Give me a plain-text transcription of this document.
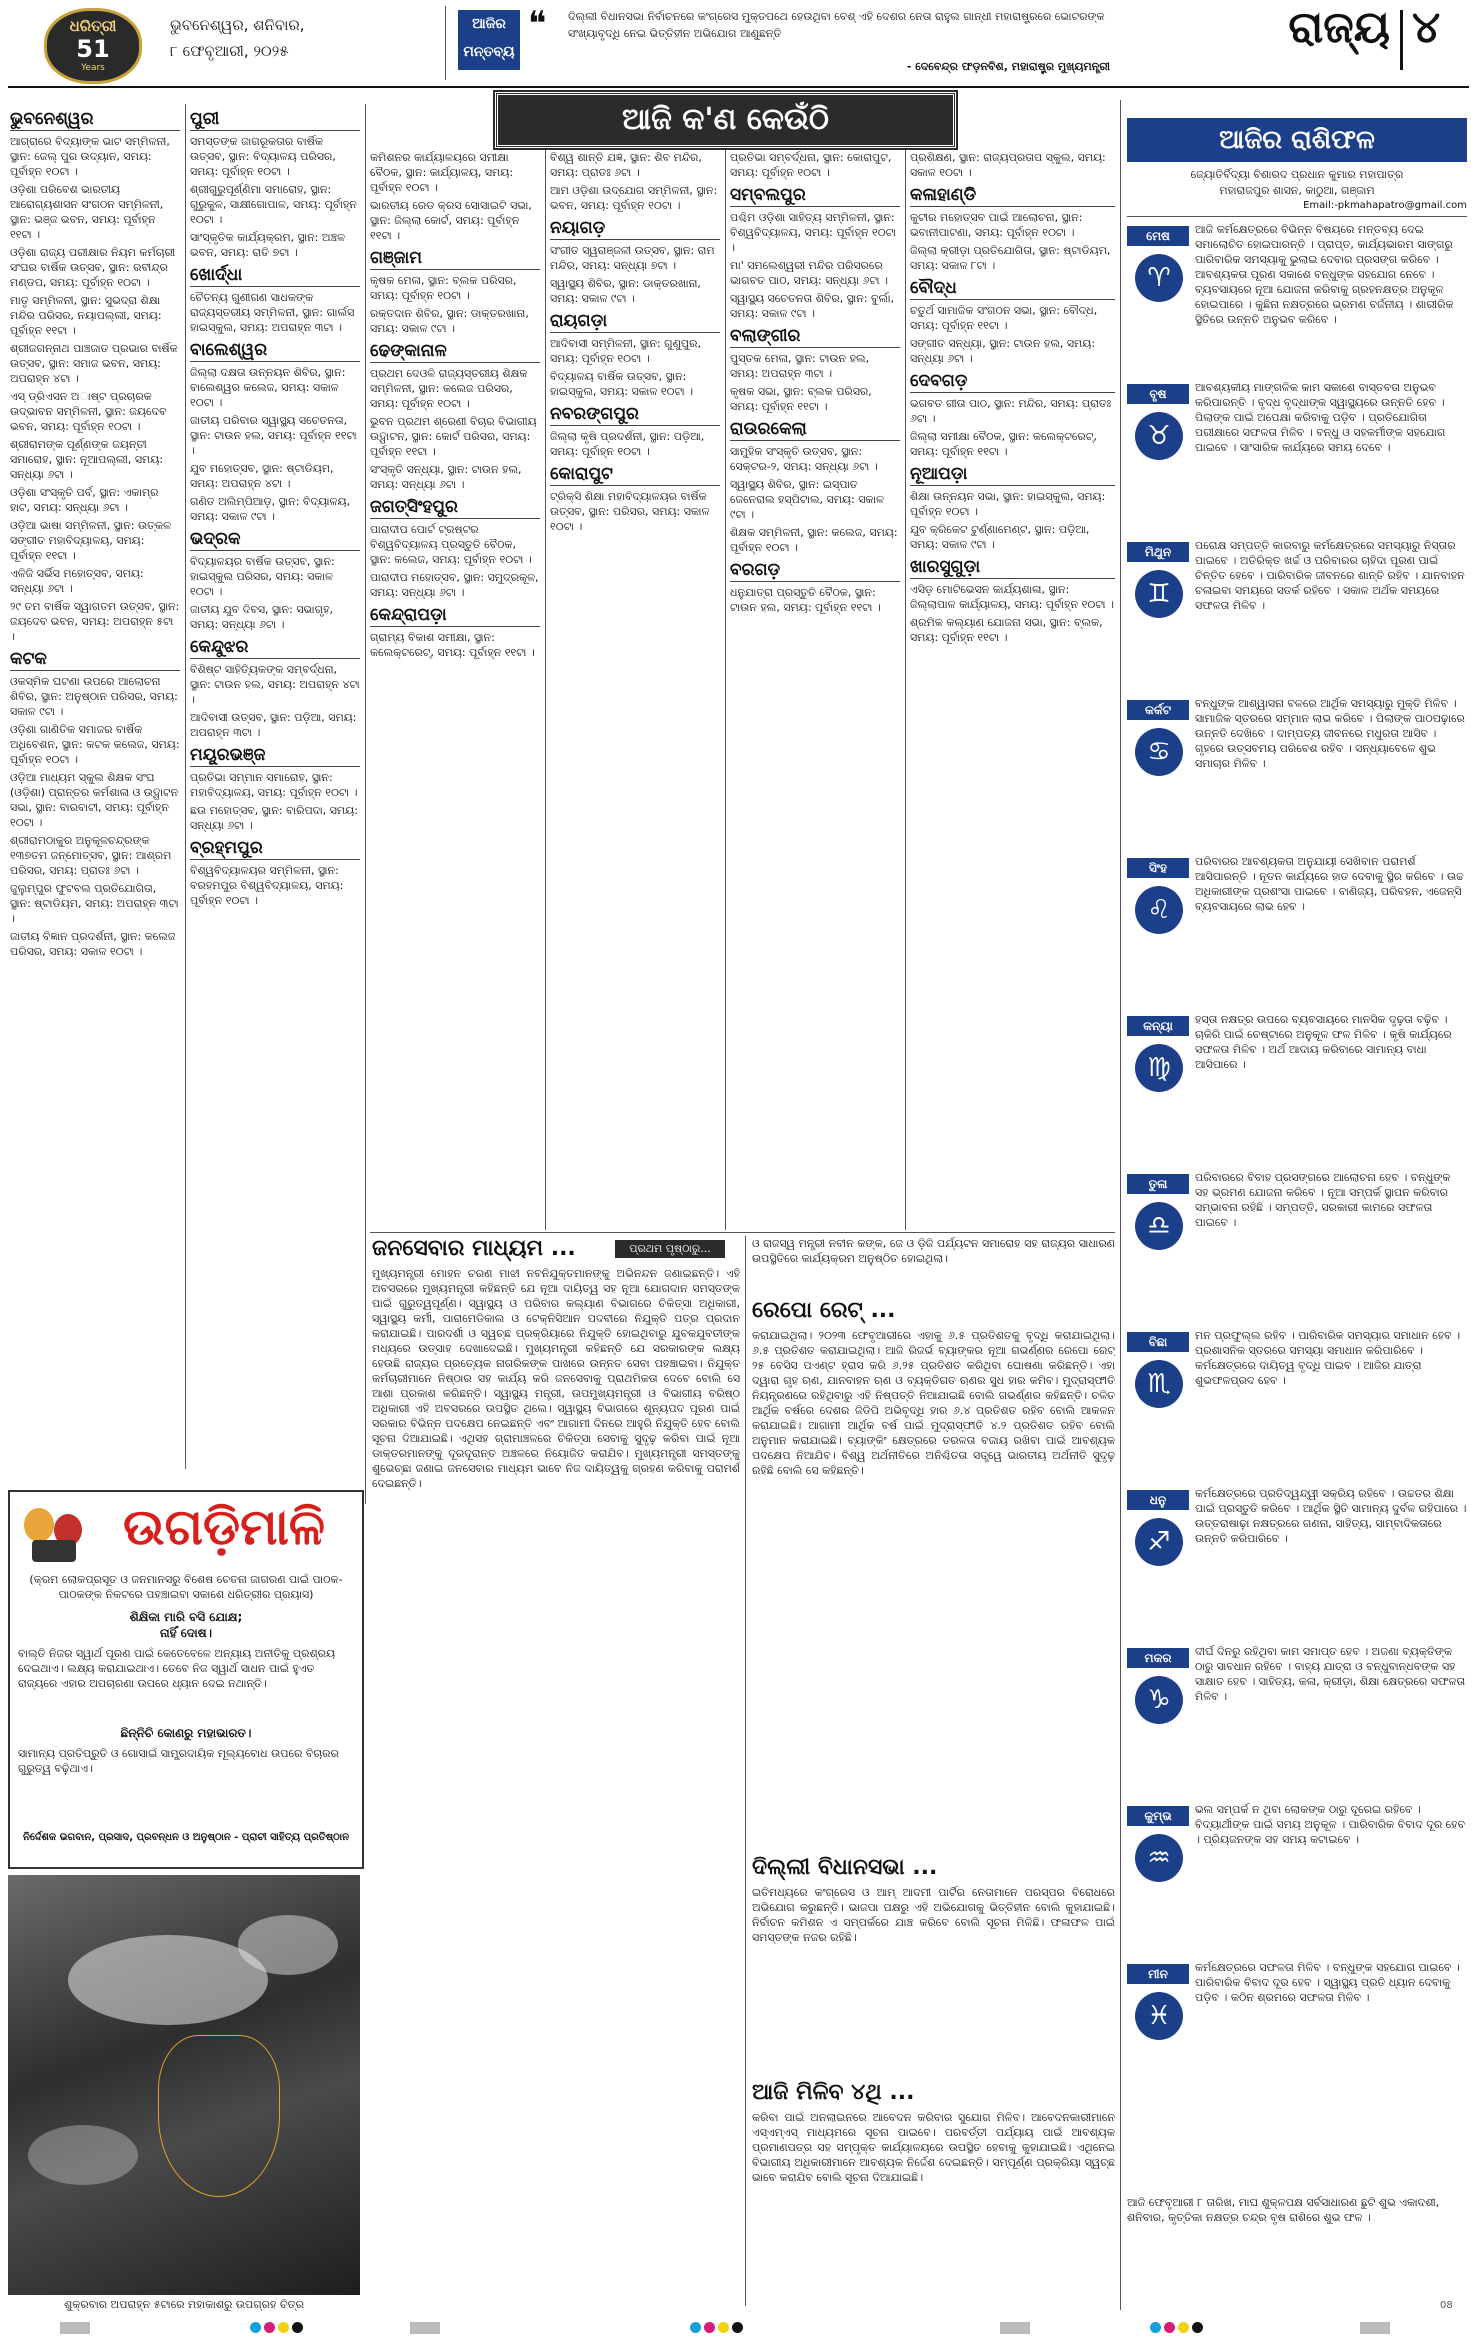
ଧରିତ୍ରୀ
51
Years
ଭୁବନେଶ୍ୱର, ଶନିବାର,
୮ ଫେବୃଆରୀ, ୨୦୨୫
ଆଜିର
ମନ୍ତବ୍ୟ
❝ ଦିଲ୍ଲୀ ବିଧାନସଭା ନିର୍ବାଚନରେ କଂଗ୍ରେସ ମୁକ୍ତପଥେ ହେଉଥିବା ବେଶ୍ ଏହି ଦେଶର ନେତା ରାହୁଲ ଗାନ୍ଧୀ ମହାରାଷ୍ଟ୍ରରେ ଭୋଟରଙ୍କ ସଂଖ୍ୟାବୃଦ୍ଧି ନେଇ ଭିତ୍ତିହୀନ ଅଭିଯୋଗ ଆଣୁଛନ୍ତି
- ଦେବେନ୍ଦ୍ର ଫଡ଼ନବିଶ, ମହାରାଷ୍ଟ୍ର ମୁଖ୍ୟମନ୍ତ୍ରୀ
ରାଜ୍ୟ ୪
ଆଜି କ'ଣ କେଉଁଠି
ଭୁବନେଶ୍ୱର

ଆଗ୍ରାରେ ବିଦ୍ୟାଙ୍କ ଭାଟ ସମ୍ମିଳନୀ, ସ୍ଥାନ: ଜେଲ୍ ପୁର ଉଦ୍ୟାନ, ସମୟ: ପୂର୍ବାହ୍ନ ୧୦ଟା ।

ଓଡ଼ିଶା ପରିବେଶ ଭାରତୀୟ ଆରୋଗ୍ୟଶାସନ ସଂଗଠନ ସମ୍ମିଳନୀ, ସ୍ଥାନ: ଭଞ୍ଜ ଭବନ, ସମୟ: ପୂର୍ବାହ୍ନ ୧୧ଟା ।

ଓଡ଼ିଶା ରାଜ୍ୟ ପରୀକ୍ଷାର ନିୟମ କର୍ମଚାରୀ ସଂଘର ବାର୍ଷିକ ଉତ୍ସବ, ସ୍ଥାନ: ରବୀନ୍ଦ୍ର ମଣ୍ଡପ, ସମୟ: ପୂର୍ବାହ୍ନ ୧୦ଟା ।

ମାତୃ ସମ୍ମିଳନୀ, ସ୍ଥାନ: ସୁଭଦ୍ରା ଶିକ୍ଷା ମନ୍ଦିର ପରିସର, ନୟାପଲ୍ଲୀ, ସମୟ: ପୂର୍ବାହ୍ନ ୧୧ଟା ।

ଶ୍ରୀଜଗନ୍ନାଥ ପାଞ୍ଚଜାତ ପ୍ରଭାର ବାର୍ଷିକ ଉତ୍ସବ, ସ୍ଥାନ: ସମାଜ ଭବନ, ସମୟ: ଅପରାହ୍ନ ୪ଟା ।

ଏସ୍ ଡ୍ରିଏସନ ଅାଷ୍ଟ ପ୍ରଚାରକ ଉଦ୍ଭାବନ ସମ୍ମିଳନୀ, ସ୍ଥାନ: ଜୟଦେବ ଭବନ, ସମୟ: ପୂର୍ବାହ୍ନ ୧୦ଟା ।

ଶ୍ରୀରାମଙ୍କ ପୂର୍ଣ୍ଣଙ୍କ ଜୟନ୍ତୀ ସମାରୋହ, ସ୍ଥାନ: ନୂଆପଲ୍ଲୀ, ସମୟ: ସନ୍ଧ୍ୟା ୬ଟା ।

ଓଡ଼ିଶା ସଂସ୍କୃତି ପର୍ବ, ସ୍ଥାନ: ଏକାମ୍ର ହାଟ, ସମୟ: ସନ୍ଧ୍ୟା ୬ଟା ।

ଓଡ଼ିଆ ଭାଷା ସମ୍ମିଳନୀ, ସ୍ଥାନ: ଉତ୍କଳ ସଙ୍ଗୀତ ମହାବିଦ୍ୟାଳୟ, ସମୟ: ପୂର୍ବାହ୍ନ ୧୧ଟା ।

ଏଳିଜି ସର୍ଭିସ ମହୋତ୍ସବ, ସମୟ: ସନ୍ଧ୍ୟା ୬ଟା ।

୨୯ ତମ ବାର୍ଷିକ ସ୍ୱାଗତମ ଉତ୍ସବ, ସ୍ଥାନ: ଜୟଦେବ ଭବନ, ସମୟ: ଅପରାହ୍ନ ୫ଟା ।

କଟକ

ଓକସ୍ମିକ ଘଟଣା ଉପରେ ଆଲୋଚନା ଶିବିର, ସ୍ଥାନ: ଅନୁଷ୍ଠାନ ପରିସର, ସମୟ: ସକାଳ ୯ଟା ।

ଓଡ଼ିଶା ଗାଣିତିକ ସମାଜର ବାର୍ଷିକ ଅଧିବେଶନ, ସ୍ଥାନ: କଟକ କଲେଜ, ସମୟ: ପୂର୍ବାହ୍ନ ୧୦ଟା ।

ଓଡ଼ିଆ ମାଧ୍ୟମ ସ୍କୁଲ ଶିକ୍ଷକ ସଂଘ (ଓଡ଼ିଶା) ପ୍ରାନ୍ତର କର୍ମଶାଳା ଓ ଉଦ୍ଘାଟନ ସଭା, ସ୍ଥାନ: ବାରବାଟୀ, ସମୟ: ପୂର୍ବାହ୍ନ ୧୦ଟା ।

ଶ୍ରୀରାମଠାକୁର ଅନୁକୂଳଚନ୍ଦ୍ରଙ୍କ ୧୩୭ତମ ଜନ୍ମୋତ୍ସବ, ସ୍ଥାନ: ଆଶ୍ରମ ପରିସର, ସମୟ: ପ୍ରାତଃ ୬ଟା ।

ଜୁଲୁମ୍ପୁର ଫୁଟବଲ ପ୍ରତିଯୋଗିତା, ସ୍ଥାନ: ଷ୍ଟାଡିୟମ, ସମୟ: ଅପରାହ୍ନ ୩ଟା ।

ଜାତୀୟ ବିଜ୍ଞାନ ପ୍ରଦର୍ଶନୀ, ସ୍ଥାନ: କଲେଜ ପରିସର, ସମୟ: ସକାଳ ୧୦ଟା ।

ପୁରୀ

ସମସ୍ତଙ୍କ ଜାଗରୂକତାର ବାର୍ଷିକ ଉତ୍ସବ, ସ୍ଥାନ: ବିଦ୍ୟାଳୟ ପରିସର, ସମୟ: ପୂର୍ବାହ୍ନ ୧୦ଟା ।

ଶ୍ରୀଗୁରୁପୂର୍ଣ୍ଣିମା ସମାରୋହ, ସ୍ଥାନ: ଗୁରୁକୁଳ, ସାକ୍ଷୀଗୋପାଳ, ସମୟ: ପୂର୍ବାହ୍ନ ୧୦ଟା ।

ସାଂସ୍କୃତିକ କାର୍ଯ୍ୟକ୍ରମ, ସ୍ଥାନ: ଅଞ୍ଚଳ ଭବନ, ସମୟ: ରାତି ୭ଟା ।

ଖୋର୍ଦ୍ଧା

ଚୈତନ୍ୟ ଗୁଣୀଗଣ ସାଧକଙ୍କ ରାଜ୍ୟସ୍ତରୀୟ ସମ୍ମିଳନୀ, ସ୍ଥାନ: ଗାର୍ଲସ ହାଇସ୍କୁଲ, ସମୟ: ଅପରାହ୍ନ ୩ଟା ।

ବାଲେଶ୍ୱର

ଜିଲ୍ଲା ଦକ୍ଷତା ଉନ୍ନୟନ ଶିବିର, ସ୍ଥାନ: ବାଲେଶ୍ୱର କଲେଜ, ସମୟ: ସକାଳ ୧୦ଟା ।

ଜାତୀୟ ପରିବାର ସ୍ୱାସ୍ଥ୍ୟ ସଚେତନତା, ସ୍ଥାନ: ଟାଉନ ହଲ, ସମୟ: ପୂର୍ବାହ୍ନ ୧୧ଟା ।

ଯୁବ ମହୋତ୍ସବ, ସ୍ଥାନ: ଷ୍ଟାଡିୟମ, ସମୟ: ଅପରାହ୍ନ ୪ଟା ।

ଗଣିତ ଅଲିମ୍ପିଆଡ଼, ସ୍ଥାନ: ବିଦ୍ୟାଳୟ, ସମୟ: ସକାଳ ୯ଟା ।

ଭଦ୍ରକ

ବିଦ୍ୟାଳୟର ବାର୍ଷିକ ଉତ୍ସବ, ସ୍ଥାନ: ହାଇସ୍କୁଲ ପରିସର, ସମୟ: ସକାଳ ୧୦ଟା ।

ଜାତୀୟ ଯୁବ ଦିବସ, ସ୍ଥାନ: ସଭାଗୃହ, ସମୟ: ସନ୍ଧ୍ୟା ୬ଟା ।

କେନ୍ଦୁଝର

ବିଶିଷ୍ଟ ସାହିତ୍ୟିକଙ୍କ ସମ୍ବର୍ଦ୍ଧନା, ସ୍ଥାନ: ଟାଉନ ହଲ, ସମୟ: ଅପରାହ୍ନ ୪ଟା ।

ଆଦିବାସୀ ଉତ୍ସବ, ସ୍ଥାନ: ପଡ଼ିଆ, ସମୟ: ଅପରାହ୍ନ ୩ଟା ।

ମୟୂରଭଞ୍ଜ

ପ୍ରତିଭା ସମ୍ମାନ ସମାରୋହ, ସ୍ଥାନ: ମହାବିଦ୍ୟାଳୟ, ସମୟ: ପୂର୍ବାହ୍ନ ୧୦ଟା ।

ଛଉ ମହୋତ୍ସବ, ସ୍ଥାନ: ବାରିପଦା, ସମୟ: ସନ୍ଧ୍ୟା ୬ଟା ।

ବ୍ରହ୍ମପୁର

ବିଶ୍ୱବିଦ୍ୟାଳୟର ସମ୍ମିଳନୀ, ସ୍ଥାନ: ବରହମପୁର ବିଶ୍ୱବିଦ୍ୟାଳୟ, ସମୟ: ପୂର୍ବାହ୍ନ ୧୦ଟା ।

କମିଶନର କାର୍ଯ୍ୟାଳୟରେ ସମୀକ୍ଷା ବୈଠକ, ସ୍ଥାନ: କାର୍ଯ୍ୟାଳୟ, ସମୟ: ପୂର୍ବାହ୍ନ ୧୦ଟା ।

ଭାରତୀୟ ରେଡ କ୍ରସ ସୋସାଇଟି ସଭା, ସ୍ଥାନ: ଜିଲ୍ଲା କୋର୍ଟ, ସମୟ: ପୂର୍ବାହ୍ନ ୧୧ଟା ।

ଗଞ୍ଜାମ

କୃଷକ ମେଳା, ସ୍ଥାନ: ବ୍ଲକ ପରିସର, ସମୟ: ପୂର୍ବାହ୍ନ ୧୦ଟା ।

ରକ୍ତଦାନ ଶିବିର, ସ୍ଥାନ: ଡାକ୍ତରଖାନା, ସମୟ: ସକାଳ ୯ଟା ।

ଢେଙ୍କାନାଳ

ପ୍ରଥମ ଦେଓଳି ରାଜ୍ୟସ୍ତରୀୟ ଶିକ୍ଷକ ସମ୍ମିଳନୀ, ସ୍ଥାନ: କଲେଜ ପରିସର, ସମୟ: ପୂର୍ବାହ୍ନ ୧୦ଟା ।

ଭୁବନ ପ୍ରଥମ ଶ୍ରେଣୀ ବିଚାର ବିଭାଗୀୟ ଉଦ୍ଘାଟନ, ସ୍ଥାନ: କୋର୍ଟ ପରିସର, ସମୟ: ପୂର୍ବାହ୍ନ ୧୧ଟା ।

ସଂସ୍କୃତି ସନ୍ଧ୍ୟା, ସ୍ଥାନ: ଟାଉନ ହଲ, ସମୟ: ସନ୍ଧ୍ୟା ୬ଟା ।

ଜଗତ୍ସିଂହପୁର

ପାରାଦୀପ ପୋର୍ଟ ଟ୍ରଷ୍ଟର ବିଶ୍ୱବିଦ୍ୟାଳୟ ପ୍ରସ୍ତୁତି ବୈଠକ, ସ୍ଥାନ: କଲେଜ, ସମୟ: ପୂର୍ବାହ୍ନ ୧୦ଟା ।

ପାରାଦୀପ ମହୋତ୍ସବ, ସ୍ଥାନ: ସମୁଦ୍ରକୂଳ, ସମୟ: ସନ୍ଧ୍ୟା ୬ଟା ।

କେନ୍ଦ୍ରାପଡ଼ା

ଗ୍ରାମ୍ୟ ବିକାଶ ସମୀକ୍ଷା, ସ୍ଥାନ: କଲେକ୍ଟରେଟ୍, ସମୟ: ପୂର୍ବାହ୍ନ ୧୧ଟା ।

ବିଶ୍ୱ ଶାନ୍ତି ଯଜ୍ଞ, ସ୍ଥାନ: ଶିବ ମନ୍ଦିର, ସମୟ: ପ୍ରାତଃ ୬ଟା ।

ଆମ ଓଡ଼ିଶା ଉଦ୍‌ଯୋଗ ସମ୍ମିଳନୀ, ସ୍ଥାନ: ଭବନ, ସମୟ: ପୂର୍ବାହ୍ନ ୧୦ଟା ।

ନୟାଗଡ଼

ସଂଗୀତ ସ୍ୱରାଞ୍ଜଳୀ ଉତ୍ସବ, ସ୍ଥାନ: ରାମ ମନ୍ଦିର, ସମୟ: ସନ୍ଧ୍ୟା ୭ଟା ।

ସ୍ୱାସ୍ଥ୍ୟ ଶିବିର, ସ୍ଥାନ: ଡାକ୍ତରଖାନା, ସମୟ: ସକାଳ ୯ଟା ।

ରାୟଗଡ଼ା

ଆଦିବାସୀ ସମ୍ମିଳନୀ, ସ୍ଥାନ: ଗୁଣୁପୁର, ସମୟ: ପୂର୍ବାହ୍ନ ୧୦ଟା ।

ବିଦ୍ୟାଳୟ ବାର୍ଷିକ ଉତ୍ସବ, ସ୍ଥାନ: ହାଇସ୍କୁଲ, ସମୟ: ସକାଳ ୧୦ଟା ।

ନବରଙ୍ଗପୁର

ଜିଲ୍ଲା କୃଷି ପ୍ରଦର୍ଶନୀ, ସ୍ଥାନ: ପଡ଼ିଆ, ସମୟ: ପୂର୍ବାହ୍ନ ୧୦ଟା ।

କୋରାପୁଟ

ଟ୍ରିକ୍ସି ଶିକ୍ଷା ମହାବିଦ୍ୟାଳୟର ବାର୍ଷିକ ଉତ୍ସବ, ସ୍ଥାନ: ପରିସର, ସମୟ: ସକାଳ ୧୦ଟା ।

ପ୍ରତିଭା ସମ୍ବର୍ଦ୍ଧନା, ସ୍ଥାନ: କୋରାପୁଟ, ସମୟ: ପୂର୍ବାହ୍ନ ୧୦ଟା ।

ସମ୍ବଲପୁର

ପଶ୍ଚିମ ଓଡ଼ିଶା ସାହିତ୍ୟ ସମ୍ମିଳନୀ, ସ୍ଥାନ: ବିଶ୍ୱବିଦ୍ୟାଳୟ, ସମୟ: ପୂର୍ବାହ୍ନ ୧୦ଟା ।

ମା' ସମଲେଶ୍ୱରୀ ମନ୍ଦିର ପରିସରରେ ଭାଗବତ ପାଠ, ସମୟ: ସନ୍ଧ୍ୟା ୬ଟା ।

ସ୍ୱାସ୍ଥ୍ୟ ସଚେତନତା ଶିବିର, ସ୍ଥାନ: ବୁର୍ଲା, ସମୟ: ସକାଳ ୯ଟା ।

ବଲାଙ୍ଗୀର

ପୁସ୍ତକ ମେଳା, ସ୍ଥାନ: ଟାଉନ ହଲ, ସମୟ: ଅପରାହ୍ନ ୩ଟା ।

କୃଷକ ସଭା, ସ୍ଥାନ: ବ୍ଲକ ପରିସର, ସମୟ: ପୂର୍ବାହ୍ନ ୧୧ଟା ।

ରାଉରକେଲା

ସାମୁହିକ ସଂସ୍କୃତି ଉତ୍ସବ, ସ୍ଥାନ: ସେକ୍ଟର-୨, ସମୟ: ସନ୍ଧ୍ୟା ୬ଟା ।

ସ୍ୱାସ୍ଥ୍ୟ ଶିବିର, ସ୍ଥାନ: ଇସ୍ପାତ ଜେନେରାଲ ହସ୍ପିଟାଲ, ସମୟ: ସକାଳ ୯ଟା ।

ଶିକ୍ଷକ ସମ୍ମିଳନୀ, ସ୍ଥାନ: କଲେଜ, ସମୟ: ପୂର୍ବାହ୍ନ ୧୦ଟା ।

ବରଗଡ଼

ଧନୁଯାତ୍ରା ପ୍ରସ୍ତୁତି ବୈଠକ, ସ୍ଥାନ: ଟାଉନ ହଲ, ସମୟ: ପୂର୍ବାହ୍ନ ୧୧ଟା ।

ପ୍ରଶିକ୍ଷଣ, ସ୍ଥାନ: ରାଜ୍ୟପ୍ରତାପ ସ୍କୁଲ, ସମୟ: ସକାଳ ୧୦ଟା ।

କଳାହାଣ୍ଡି

କୁଟୀର ମହୋତ୍ସବ ପାଇଁ ଆଲୋଚନା, ସ୍ଥାନ: ଭବାନୀପାଟଣା, ସମୟ: ପୂର୍ବାହ୍ନ ୧୦ଟା ।

ଜିଲ୍ଲା କ୍ରୀଡ଼ା ପ୍ରତିଯୋଗିତା, ସ୍ଥାନ: ଷ୍ଟାଡିୟମ, ସମୟ: ସକାଳ ୮ଟା ।

ବୌଦ୍ଧ

ଚତୁର୍ଥ ସାମାଜିକ ସଂଗଠନ ସଭା, ସ୍ଥାନ: ବୌଦ୍ଧ, ସମୟ: ପୂର୍ବାହ୍ନ ୧୧ଟା ।

ସଙ୍ଗୀତ ସନ୍ଧ୍ୟା, ସ୍ଥାନ: ଟାଉନ ହଲ, ସମୟ: ସନ୍ଧ୍ୟା ୬ଟା ।

ଦେବଗଡ଼

ଭଗବତ ଗୀତା ପାଠ, ସ୍ଥାନ: ମନ୍ଦିର, ସମୟ: ପ୍ରାତଃ ୬ଟା ।

ଜିଲ୍ଲା ସମୀକ୍ଷା ବୈଠକ, ସ୍ଥାନ: କଲେକ୍ଟରେଟ୍, ସମୟ: ପୂର୍ବାହ୍ନ ୧୧ଟା ।

ନୂଆପଡ଼ା

ଶିକ୍ଷା ଉନ୍ନୟନ ସଭା, ସ୍ଥାନ: ହାଇସ୍କୁଲ, ସମୟ: ପୂର୍ବାହ୍ନ ୧୦ଟା ।

ଯୁବ କ୍ରିକେଟ ଟୁର୍ଣ୍ଣାମେଣ୍ଟ, ସ୍ଥାନ: ପଡ଼ିଆ, ସମୟ: ସକାଳ ୯ଟା ।

ଖାରସୁଗୁଡ଼ା

ଏସିଡ଼ ମୋଟିଭେସନ କାର୍ଯ୍ୟଶାଳା, ସ୍ଥାନ: ଜିଲ୍ଲାପାଳ କାର୍ଯ୍ୟାଳୟ, ସମୟ: ପୂର୍ବାହ୍ନ ୧୦ଟା ।

ଶ୍ରମିକ କଲ୍ୟାଣ ଯୋଜନା ସଭା, ସ୍ଥାନ: ବ୍ଲକ, ସମୟ: ପୂର୍ବାହ୍ନ ୧୧ଟା ।

ଉଗଡ଼ିମାଳି
(କ୍ରମ ଲୋକପ୍ରସୂତ ଓ ଜନମାନସରୁ ବିଶେଷ ଚେତନା ଜାଗରଣ ପାଇଁ ପାଠକ-ପାଠକଙ୍କ ନିକଟରେ ପହଞ୍ଚାଇବା ସକାଶେ ଧରିତ୍ରୀର ପ୍ରୟାସ)
ଶିକ୍ଷିକା ମାରି ବସି ଯୋକ୍ଷ;
ନାହିଁ ଦୋଷ।
ବାଲ୍ତି ନିଜର ସ୍ୱାର୍ଥ ପୂରଣ ପାଇଁ କେତେବେଳେ ଅନ୍ୟାୟ ଅନୀତିକୁ ପ୍ରଶ୍ରୟ ଦେଇଥାଏ। ଲକ୍ଷ୍ୟ କରାଯାଇଥାଏ। ତେବେ ନିଜ ସ୍ୱାର୍ଥ ସାଧନ ପାଇଁ ହୁଏତ ରାଜ୍ୟରେ ଏହାର ଅପଚାରଣା ଉପରେ ଧ୍ୟାନ ଦେଇ ନଥାନ୍ତି।
ଛିନ୍ନିଚି କୋଣରୁ ମହାଭାରତ।
ସାମାନ୍ୟ ପ୍ରତିପ୍ରୁତି ଓ ଗୋସାଇଁ ସାମ୍ପ୍ରଦାୟିକ ମୂଲ୍ୟବୋଧ ଉପରେ ବିଚାରର ଗୁରୁତ୍ୱ ବଢ଼ିଥାଏ।
ନିର୍ଦ୍ଦେଶକ ଭଗବାନ, ପ୍ରସାଦ, ପ୍ରବନ୍ଧନ ଓ ଅନୁଷ୍ଠାନ - ପ୍ରାଚୀ ସାହିତ୍ୟ ପ୍ରତିଷ୍ଠାନ
ଶୁକ୍ରବାର ଅପରାହ୍ନ ୫ଟାରେ ମହାକାଶରୁ ଉପଗ୍ରହ ଚିତ୍ର
ଜନସେବାର ମାଧ୍ୟମ ...	ପ୍ରଥମ ପୃଷ୍ଠାରୁ...
ମୁଖ୍ୟମନ୍ତ୍ରୀ ମୋହନ ଚରଣ ମାଝୀ ନବନିଯୁକ୍ତମାନଙ୍କୁ ଅଭିନନ୍ଦନ ଜଣାଇଛନ୍ତି। ଏହି ଅବସରରେ ମୁଖ୍ୟମନ୍ତ୍ରୀ କହିଛନ୍ତି ଯେ ନୂଆ ଦାୟିତ୍ୱ ସହ ନୂଆ ଯୋଗଦାନ ସମସ୍ତଙ୍କ ପାଇଁ ଗୁରୁତ୍ୱପୂର୍ଣ୍ଣ। ସ୍ୱାସ୍ଥ୍ୟ ଓ ପରିବାର କଲ୍ୟାଣ ବିଭାଗରେ ଚିକିତ୍ସା ଅଧିକାରୀ, ସ୍ୱାସ୍ଥ୍ୟ କର୍ମୀ, ପାରାମେଡିକାଲ ଓ ଟେକ୍ନିସିଆନ ପଦବୀରେ ନିଯୁକ୍ତି ପତ୍ର ପ୍ରଦାନ କରାଯାଇଛି। ପାରଦର୍ଶୀ ଓ ସ୍ୱଚ୍ଛ ପ୍ରକ୍ରିୟାରେ ନିଯୁକ୍ତି ହୋଇଥିବାରୁ ଯୁବକଯୁବତୀଙ୍କ ମଧ୍ୟରେ ଉତ୍ସାହ ଦେଖାଦେଇଛି। ମୁଖ୍ୟମନ୍ତ୍ରୀ କହିଛନ୍ତି ଯେ ସରକାରଙ୍କ ଲକ୍ଷ୍ୟ ହେଉଛି ରାଜ୍ୟର ପ୍ରତ୍ୟେକ ନାଗରିକଙ୍କ ପାଖରେ ଉନ୍ନତ ସେବା ପହଞ୍ଚାଇବା। ନିଯୁକ୍ତ କର୍ମଚାରୀମାନେ ନିଷ୍ଠାର ସହ କାର୍ଯ୍ୟ କରି ଜନସେବାକୁ ପ୍ରାଥମିକତା ଦେବେ ବୋଲି ସେ ଆଶା ପ୍ରକାଶ କରିଛନ୍ତି। ସ୍ୱାସ୍ଥ୍ୟ ମନ୍ତ୍ରୀ, ଉପମୁଖ୍ୟମନ୍ତ୍ରୀ ଓ ବିଭାଗୀୟ ବରିଷ୍ଠ ଅଧିକାରୀ ଏହି ଅବସରରେ ଉପସ୍ଥିତ ଥିଲେ। ସ୍ୱାସ୍ଥ୍ୟ ବିଭାଗରେ ଶୂନ୍ୟପଦ ପୂରଣ ପାଇଁ ସରକାର ବିଭିନ୍ନ ପଦକ୍ଷେପ ନେଇଛନ୍ତି ଏବଂ ଆଗାମୀ ଦିନରେ ଆହୁରି ନିଯୁକ୍ତି ହେବ ବୋଲି ସୂଚନା ଦିଆଯାଇଛି। ଏଥିସହ ଗ୍ରାମାଞ୍ଚଳରେ ଚିକିତ୍ସା ସେବାକୁ ସୁଦୃଢ଼ କରିବା ପାଇଁ ନୂଆ ଡାକ୍ତରମାନଙ୍କୁ ଦୂରଦୂରାନ୍ତ ଅଞ୍ଚଳରେ ନିୟୋଜିତ କରାଯିବ। ମୁଖ୍ୟମନ୍ତ୍ରୀ ସମସ୍ତଙ୍କୁ ଶୁଭେଚ୍ଛା ଜଣାଇ ଜନସେବାର ମାଧ୍ୟମ ଭାବେ ନିଜ ଦାୟିତ୍ୱକୁ ଗ୍ରହଣ କରିବାକୁ ପରାମର୍ଶ ଦେଇଛନ୍ତି।
ଓ ରାଜସ୍ୱ ମନ୍ତ୍ରୀ ନବୀନ କଙ୍କ, ଜେ ଓ ଡ଼ିଜି ପର୍ଯ୍ୟଟନ ସମାରୋହ ସହ ରାଜ୍ୟର ସାଧାରଣ ଉପସ୍ଥିତିରେ କାର୍ଯ୍ୟକ୍ରମ ଅନୁଷ୍ଠିତ ହୋଇଥିଲା।
ରେପୋ ରେଟ୍ ...
କରାଯାଇଥିଲା। ୨୦୨୩ ଫେବୃଆରୀରେ ଏହାକୁ ୬.୫ ପ୍ରତିଶତକୁ ବୃଦ୍ଧି କରାଯାଇଥିଲା। ୬.୫ ପ୍ରତିଶତ କରାଯାଇଥିଲା। ଆଜି ରିଜର୍ଭ ବ୍ୟାଙ୍କର ନୂଆ ଗଭର୍ଣ୍ଣର ରେପୋ ରେଟ୍ ୨୫ ବେସିସ ପଏଣ୍ଟ ହ୍ରାସ କରି ୬.୨୫ ପ୍ରତିଶତ କରିଥିବା ଘୋଷଣା କରିଛନ୍ତି। ଏହା ଦ୍ୱାରା ଗୃହ ଋଣ, ଯାନବାହନ ଋଣ ଓ ବ୍ୟକ୍ତିଗତ ଋଣର ସୁଧ ହାର କମିବ। ମୁଦ୍ରାସ୍ଫୀତି ନିୟନ୍ତ୍ରଣରେ ରହିଥିବାରୁ ଏହି ନିଷ୍ପତ୍ତି ନିଆଯାଇଛି ବୋଲି ଗଭର୍ଣ୍ଣର କହିଛନ୍ତି। ଚଳିତ ଆର୍ଥିକ ବର୍ଷରେ ଦେଶର ଜିଡିପି ଅଭିବୃଦ୍ଧି ହାର ୬.୪ ପ୍ରତିଶତ ରହିବ ବୋଲି ଆକଳନ କରାଯାଇଛି। ଆଗାମୀ ଆର୍ଥିକ ବର୍ଷ ପାଇଁ ମୁଦ୍ରାସ୍ଫୀତି ୪.୨ ପ୍ରତିଶତ ରହିବ ବୋଲି ଅନୁମାନ କରାଯାଇଛି। ବ୍ୟାଙ୍କିଂ କ୍ଷେତ୍ରରେ ତରଳତା ବଜାୟ ରଖିବା ପାଇଁ ଆବଶ୍ୟକ ପଦକ୍ଷେପ ନିଆଯିବ। ବିଶ୍ୱ ଅର୍ଥନୀତିରେ ଅନିଶ୍ଚିତତା ସତ୍ତ୍ୱେ ଭାରତୀୟ ଅର୍ଥନୀତି ସୁଦୃଢ଼ ରହିଛି ବୋଲି ସେ କହିଛନ୍ତି।
ଦିଲ୍ଲୀ ବିଧାନସଭା ...
ଇତିମଧ୍ୟରେ କଂଗ୍ରେସ ଓ ଆମ୍ ଆଦମୀ ପାର୍ଟିର ନେତାମାନେ ପରସ୍ପର ବିରୋଧରେ ଅଭିଯୋଗ କରୁଛନ୍ତି। ଭାଜପା ପକ୍ଷରୁ ଏହି ଅଭିଯୋଗକୁ ଭିତ୍ତିହୀନ ବୋଲି କୁହାଯାଇଛି। ନିର୍ବାଚନ କମିଶନ ଏ ସମ୍ପର୍କରେ ଯାଞ୍ଚ କରିବେ ବୋଲି ସୂଚନା ମିଳିଛି। ଫଳାଫଳ ପାଇଁ ସମସ୍ତଙ୍କ ନଜର ରହିଛି।
ଆଜି ମିଳିବ ୪ଥି ...
କରିବା ପାଇଁ ଅନଲାଇନରେ ଆବେଦନ କରିବାର ସୁଯୋଗ ମିଳିବ। ଆବେଦନକାରୀମାନେ ଏସ୍‌ଏମ୍‌ଏସ୍ ମାଧ୍ୟମରେ ସୂଚନା ପାଇବେ। ପରବର୍ତ୍ତୀ ପର୍ଯ୍ୟାୟ ପାଇଁ ଆବଶ୍ୟକ ପ୍ରମାଣପତ୍ର ସହ ସମ୍ପୃକ୍ତ କାର୍ଯ୍ୟାଳୟରେ ଉପସ୍ଥିତ ହେବାକୁ କୁହାଯାଇଛି। ଏଥିନେଇ ବିଭାଗୀୟ ଅଧିକାରୀମାନେ ଆବଶ୍ୟକ ନିର୍ଦ୍ଦେଶ ଦେଇଛନ୍ତି। ସମ୍ପୂର୍ଣ୍ଣ ପ୍ରକ୍ରିୟା ସ୍ୱଚ୍ଛ ଭାବେ କରାଯିବ ବୋଲି ସୂଚନା ଦିଆଯାଇଛି।
ଆଜିର ରାଶିଫଳ
ଜ୍ୟୋତିର୍ବିଦ୍ୟା ବିଶାରଦ ପ୍ରଧାନ କୁମାର ମହାପାତ୍ର
ମହାରାଜପୁର ଶାସନ, କାଠୁଆ, ଗଞ୍ଜାମ
Email:-pkmahapatro@gmail.com
ମେଷ
♈
ଆଜି କର୍ମକ୍ଷେତ୍ରରେ ବିଭିନ୍ନ ବିଷୟରେ ମନ୍ତବ୍ୟ ଦେଇ ସମାଲୋଚିତ ହୋଇପାରନ୍ତି । ପ୍ରାପ୍ତ, କାର୍ଯ୍ୟଭାରମ ସାଙ୍ଗରୁ ପାରିବାରିକ ସମସ୍ୟାକୁ ଭୁଲାଇ ଦେବାର ପ୍ରସଙ୍ଗ କରିବେ । ଆବଶ୍ୟକତା ପୂରଣ ସକାଶେ ବନ୍ଧୁଙ୍କ ସହଯୋଗ ନେବେ । ବ୍ୟବସାୟରେ ନୂଆ ଯୋଜନା କରିବାକୁ ଗ୍ରହନକ୍ଷତ୍ର ଅନୁକୂଳ ହୋଇପାରେ । କୁଛିନା ନକ୍ଷତ୍ରରେ ଭ୍ରମଣ ବର୍ଜନୀୟ । ଶାରୀରିକ ସ୍ଥିତିରେ ଉନ୍ନତି ଅନୁଭବ କରିବେ ।
ବୃଷ
♉
ଆବଶ୍ୟକୀୟ ମାଙ୍ଗଳିକ କାମ ସକାଶେ ବାସ୍ତବତା ଅନୁଭବ କରିପାରନ୍ତି । ବୃଦ୍ଧ ବୃଦ୍ଧାଙ୍କ ସ୍ୱାସ୍ଥ୍ୟରେ ଉନ୍ନତି ହେବ । ପିଲାଙ୍କ ପାଇଁ ଅପେକ୍ଷା କରିବାକୁ ପଡ଼ିବ । ପ୍ରତିଯୋଗିତା ପରୀକ୍ଷାରେ ସଫଳତା ମିଳିବ । ବନ୍ଧୁ ଓ ସହକର୍ମୀଙ୍କ ସହଯୋଗ ପାଇବେ । ସାଂସାରିକ କାର୍ଯ୍ୟରେ ସମୟ ଦେବେ ।
ମିଥୁନ
♊
ପରୋକ୍ଷ ସମ୍ପତ୍ତି କାରବାରୁ କର୍ମକ୍ଷେତ୍ରରେ ସମସ୍ୟାରୁ ନିସ୍ତାର ପାଇବେ । ଅତିରିକ୍ତ ଖର୍ଚ୍ଚ ଓ ପରିବାରର ଚାହିଦା ପୂରଣ ପାଇଁ ଚିନ୍ତିତ ହେବେ । ପାରିବାରିକ ଜୀବନରେ ଶାନ୍ତି ରହିବ । ଯାନବାହନ ଚଳାଇବା ସମୟରେ ସତର୍କ ରହିବେ । ସକାଳ ଅର୍ଥକ ସମୟରେ ସଫଳତା ମିଳିବ ।
କର୍କଟ
♋
ବନ୍ଧୁଙ୍କ ଆଶ୍ୱାସନା ବଳରେ ଆର୍ଥିକ ସମସ୍ୟାରୁ ମୁକ୍ତି ମିଳିବ । ସାମାଜିକ ସ୍ତରରେ ସମ୍ମାନ ଲାଭ କରିବେ । ପିଲାଙ୍କ ପାଠପଢ଼ାରେ ଉନ୍ନତି ଦେଖିବେ । ଦାମ୍ପତ୍ୟ ଜୀବନରେ ମଧୁରତା ଆସିବ । ଗୃହରେ ଉତ୍ସବମୟ ପରିବେଶ ରହିବ । ସନ୍ଧ୍ୟାବେଳେ ଶୁଭ ସମାଚାର ମିଳିବ ।
ସିଂହ
♌
ପରିବାରର ଆବଶ୍ୟକତା ଅନୁଯାୟୀ ସେଖିବାନ ପରାମର୍ଶ ଆସିପାରନ୍ତି । ନୂତନ କାର୍ଯ୍ୟରେ ହାତ ଦେବାକୁ ସ୍ଥିର କରିବେ । ଉଚ୍ଚ ଅଧିକାରୀଙ୍କ ପ୍ରଶଂସା ପାଇବେ । ବାଣିଜ୍ୟ, ପରିବହନ, ଏଜେନ୍ସି ବ୍ୟବସାୟରେ ଲାଭ ହେବ ।
କନ୍ୟା
♍
ହସ୍ତା ନକ୍ଷତ୍ର ଉପରେ ବ୍ୟବସାୟରେ ମାନସିକ ଦୃଢ଼ତା ବଢ଼ିବ । ଚାକିରି ପାଇଁ ଚେଷ୍ଟାରେ ଅନୁକୂଳ ଫଳ ମିଳିବ । କୃଷି କାର୍ଯ୍ୟରେ ସଫଳତା ମିଳିବ । ଅର୍ଥ ଆଦାୟ କରିବାରେ ସାମାନ୍ୟ ବାଧା ଆସିପାରେ ।
ତୁଳା
♎
ପରିବାରରେ ବିବାହ ପ୍ରସଙ୍ଗରେ ଆଲୋଚନା ହେବ । ବନ୍ଧୁଙ୍କ ସହ ଭ୍ରମଣ ଯୋଜନା କରିବେ । ନୂଆ ସମ୍ପର୍କ ସ୍ଥାପନ କରିବାର ସମ୍ଭାବନା ରହିଛି । ସମ୍ପତ୍ତି, ସରକାରୀ କାମରେ ସଫଳତା ପାଇବେ ।
ବିଛା
♏
ମନ ପ୍ରଫୁଲ୍ଲ ରହିବ । ପାରିବାରିକ ସମସ୍ୟାର ସମାଧାନ ହେବ । ପ୍ରଶାସନିକ ସ୍ତରରେ ସମସ୍ୟା ସମାଧାନ କରିପାରିବେ । କର୍ମକ୍ଷେତ୍ରରେ ଦାୟିତ୍ୱ ବୃଦ୍ଧି ପାଇବ । ଆଜିର ଯାତ୍ରା ଶୁଭଫଳପ୍ରଦ ହେବ ।
ଧନୁ
♐
କର୍ମକ୍ଷେତ୍ରରେ ପ୍ରତିଦ୍ୱନ୍ଦ୍ୱୀ ସକ୍ରିୟ ରହିବେ । ଉଚ୍ଚତର ଶିକ୍ଷା ପାଇଁ ପ୍ରସ୍ତୁତି କରିବେ । ଆର୍ଥିକ ସ୍ଥିତି ସାମାନ୍ୟ ଦୁର୍ବଳ ରହିପାରେ । ଉତ୍ତରାଷାଢ଼ା ନକ୍ଷତ୍ରରେ ଗଣନା, ସାହିତ୍ୟ, ସାମ୍ବାଦିକତାରେ ଉନ୍ନତି କରିପାରିବେ ।
ମକର
♑
ଦୀର୍ଘ ଦିନରୁ ରହିଥିବା କାମ ସମାପ୍ତ ହେବ । ଅଜଣା ବ୍ୟକ୍ତିଙ୍କ ଠାରୁ ସାବଧାନ ରହିବେ । ବାହ୍ୟ ଯାତ୍ରା ଓ ବନ୍ଧୁବାନ୍ଧବଙ୍କ ସହ ସାକ୍ଷାତ ହେବ । ସାହିତ୍ୟ, କଳା, କ୍ରୀଡ଼ା, ଶିକ୍ଷା କ୍ଷେତ୍ରରେ ସଫଳତା ମିଳିବ ।
କୁମ୍ଭ
♒
ଭଲ ସମ୍ପର୍କ ନ ଥିବା ଲୋକଙ୍କ ଠାରୁ ଦୂରେଇ ରହିବେ । ବିଦ୍ୟାର୍ଥୀଙ୍କ ପାଇଁ ସମୟ ଅନୁକୂଳ । ପାରିବାରିକ ବିବାଦ ଦୂର ହେବ । ପ୍ରିୟଜନଙ୍କ ସହ ସମୟ କଟାଇବେ ।
ମୀନ
♓
କର୍ମକ୍ଷେତ୍ରରେ ସଫଳତା ମିଳିବ । ବନ୍ଧୁଙ୍କ ସହଯୋଗ ପାଇବେ । ପାରିବାରିକ ବିବାଦ ଦୂର ହେବ । ସ୍ୱାସ୍ଥ୍ୟ ପ୍ରତି ଧ୍ୟାନ ଦେବାକୁ ପଡ଼ିବ । କଠିନ ଶ୍ରମରେ ସଫଳତା ମିଳିବ ।
ଆଜି ଫେବୃଆରୀ ୮ ତାରିଖ, ମାଘ ଶୁକ୍ଳପକ୍ଷ ସର୍ବସାଧାରଣ ଛୁଟି ଶୁଭ ଏକାଦଶୀ, ଶନିବାର, କୃତ୍ତିକା ନକ୍ଷତ୍ର ଚନ୍ଦ୍ର ବୃଷ ରାଶିରେ ଶୁଭ ଫଳ ।
08
